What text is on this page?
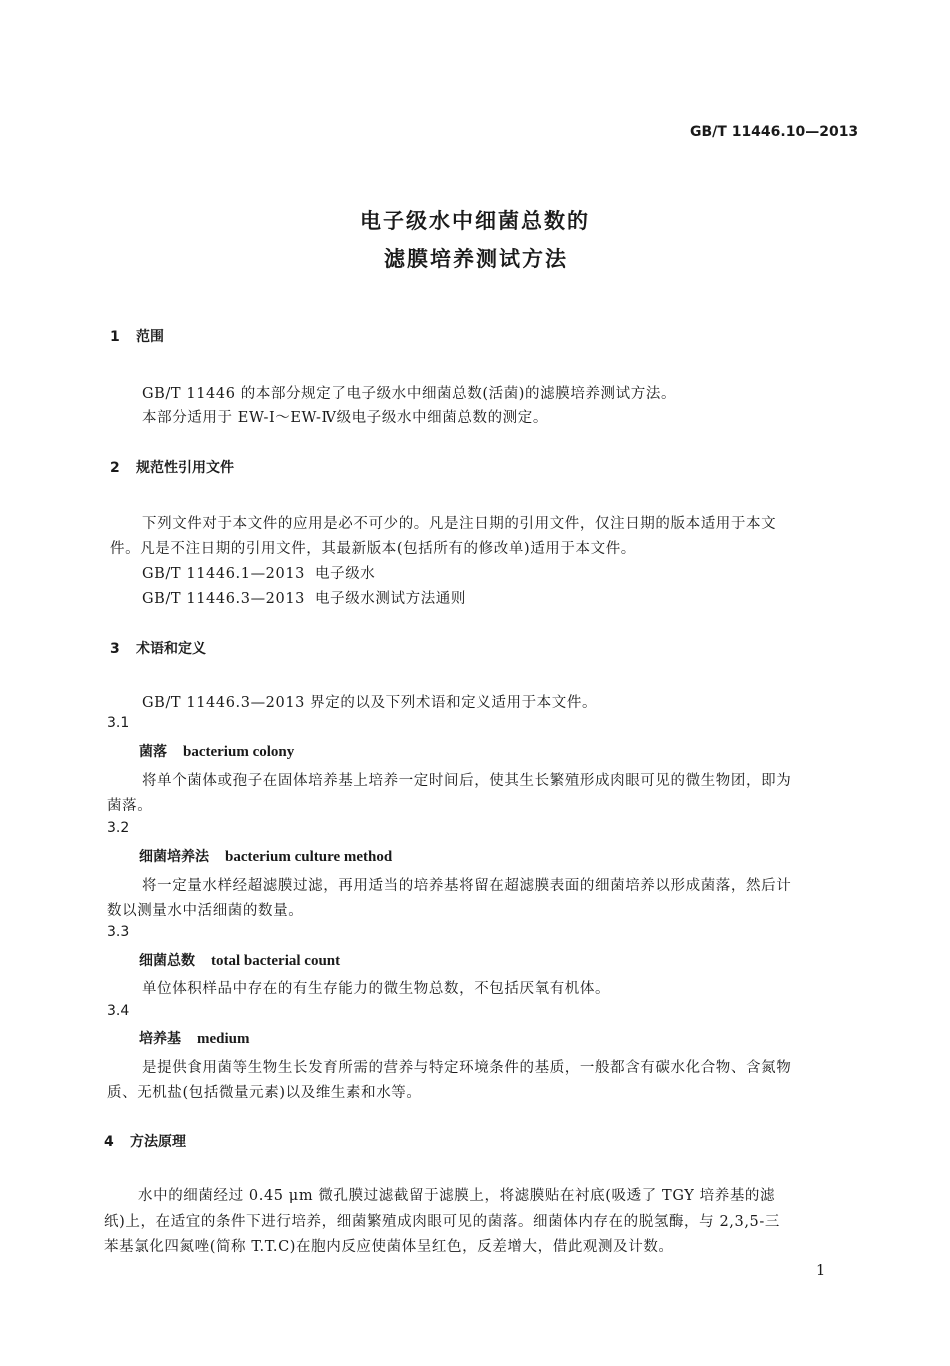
GB/T 11446.10—2013
电子级水中细菌总数的
滤膜培养测试方法
1 范围
GB/T 11446 的本部分规定了电子级水中细菌总数(活菌)的滤膜培养测试方法。
本部分适用于 EW-Ⅰ～EW-Ⅳ级电子级水中细菌总数的测定。
2 规范性引用文件
下列文件对于本文件的应用是必不可少的。凡是注日期的引用文件，仅注日期的版本适用于本文
件。凡是不注日期的引用文件，其最新版本(包括所有的修改单)适用于本文件。
GB/T 11446.1—2013 电子级水
GB/T 11446.3—2013 电子级水测试方法通则
3 术语和定义
GB/T 11446.3—2013 界定的以及下列术语和定义适用于本文件。
3.1
菌落 bacterium colony
将单个菌体或孢子在固体培养基上培养一定时间后，使其生长繁殖形成肉眼可见的微生物团，即为
菌落。
3.2
细菌培养法 bacterium culture method
将一定量水样经超滤膜过滤，再用适当的培养基将留在超滤膜表面的细菌培养以形成菌落，然后计
数以测量水中活细菌的数量。
3.3
细菌总数 total bacterial count
单位体积样品中存在的有生存能力的微生物总数，不包括厌氧有机体。
3.4
培养基 medium
是提供食用菌等生物生长发育所需的营养与特定环境条件的基质，一般都含有碳水化合物、含氮物
质、无机盐(包括微量元素)以及维生素和水等。
4 方法原理
水中的细菌经过 0.45 μm 微孔膜过滤截留于滤膜上，将滤膜贴在衬底(吸透了 TGY 培养基的滤
纸)上，在适宜的条件下进行培养，细菌繁殖成肉眼可见的菌落。细菌体内存在的脱氢酶，与 2,3,5-三
苯基氯化四氮唑(简称 T.T.C)在胞内反应使菌体呈红色，反差增大，借此观测及计数。
1
